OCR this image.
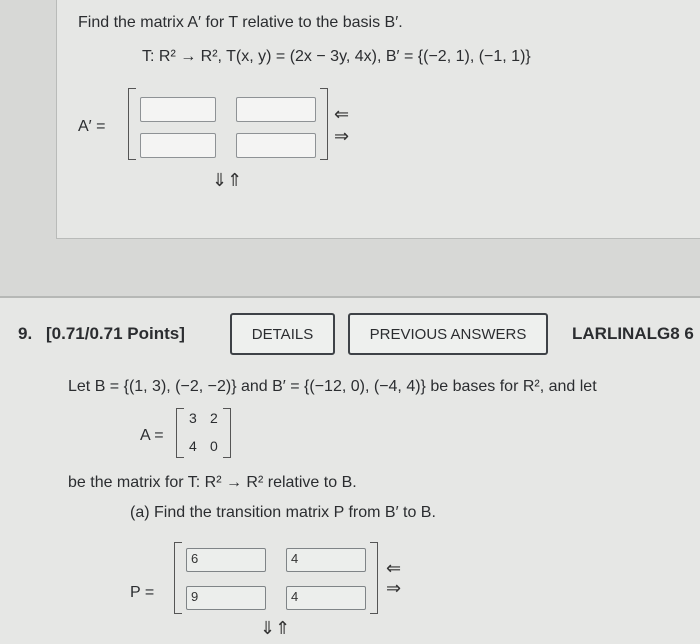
Find the matrix A′ for T relative to the basis B′.
T: R² → R², T(x, y) = (2x − 3y, 4x), B′ = {(−2, 1), (−1, 1)}
A′ =
⇐
⇒
⇓⇑
9. [0.71/0.71 Points]	DETAILS	PREVIOUS ANSWERS	LARLINALG8 6
Let B = {(1, 3), (−2, −2)} and B′ = {(−12, 0), (−4, 4)} be bases for R², and let
A =
3 2
4 0
be the matrix for T: R² → R² relative to B.
(a) Find the transition matrix P from B′ to B.
P =
6	4
9	4
⇐
⇒
⇓⇑
